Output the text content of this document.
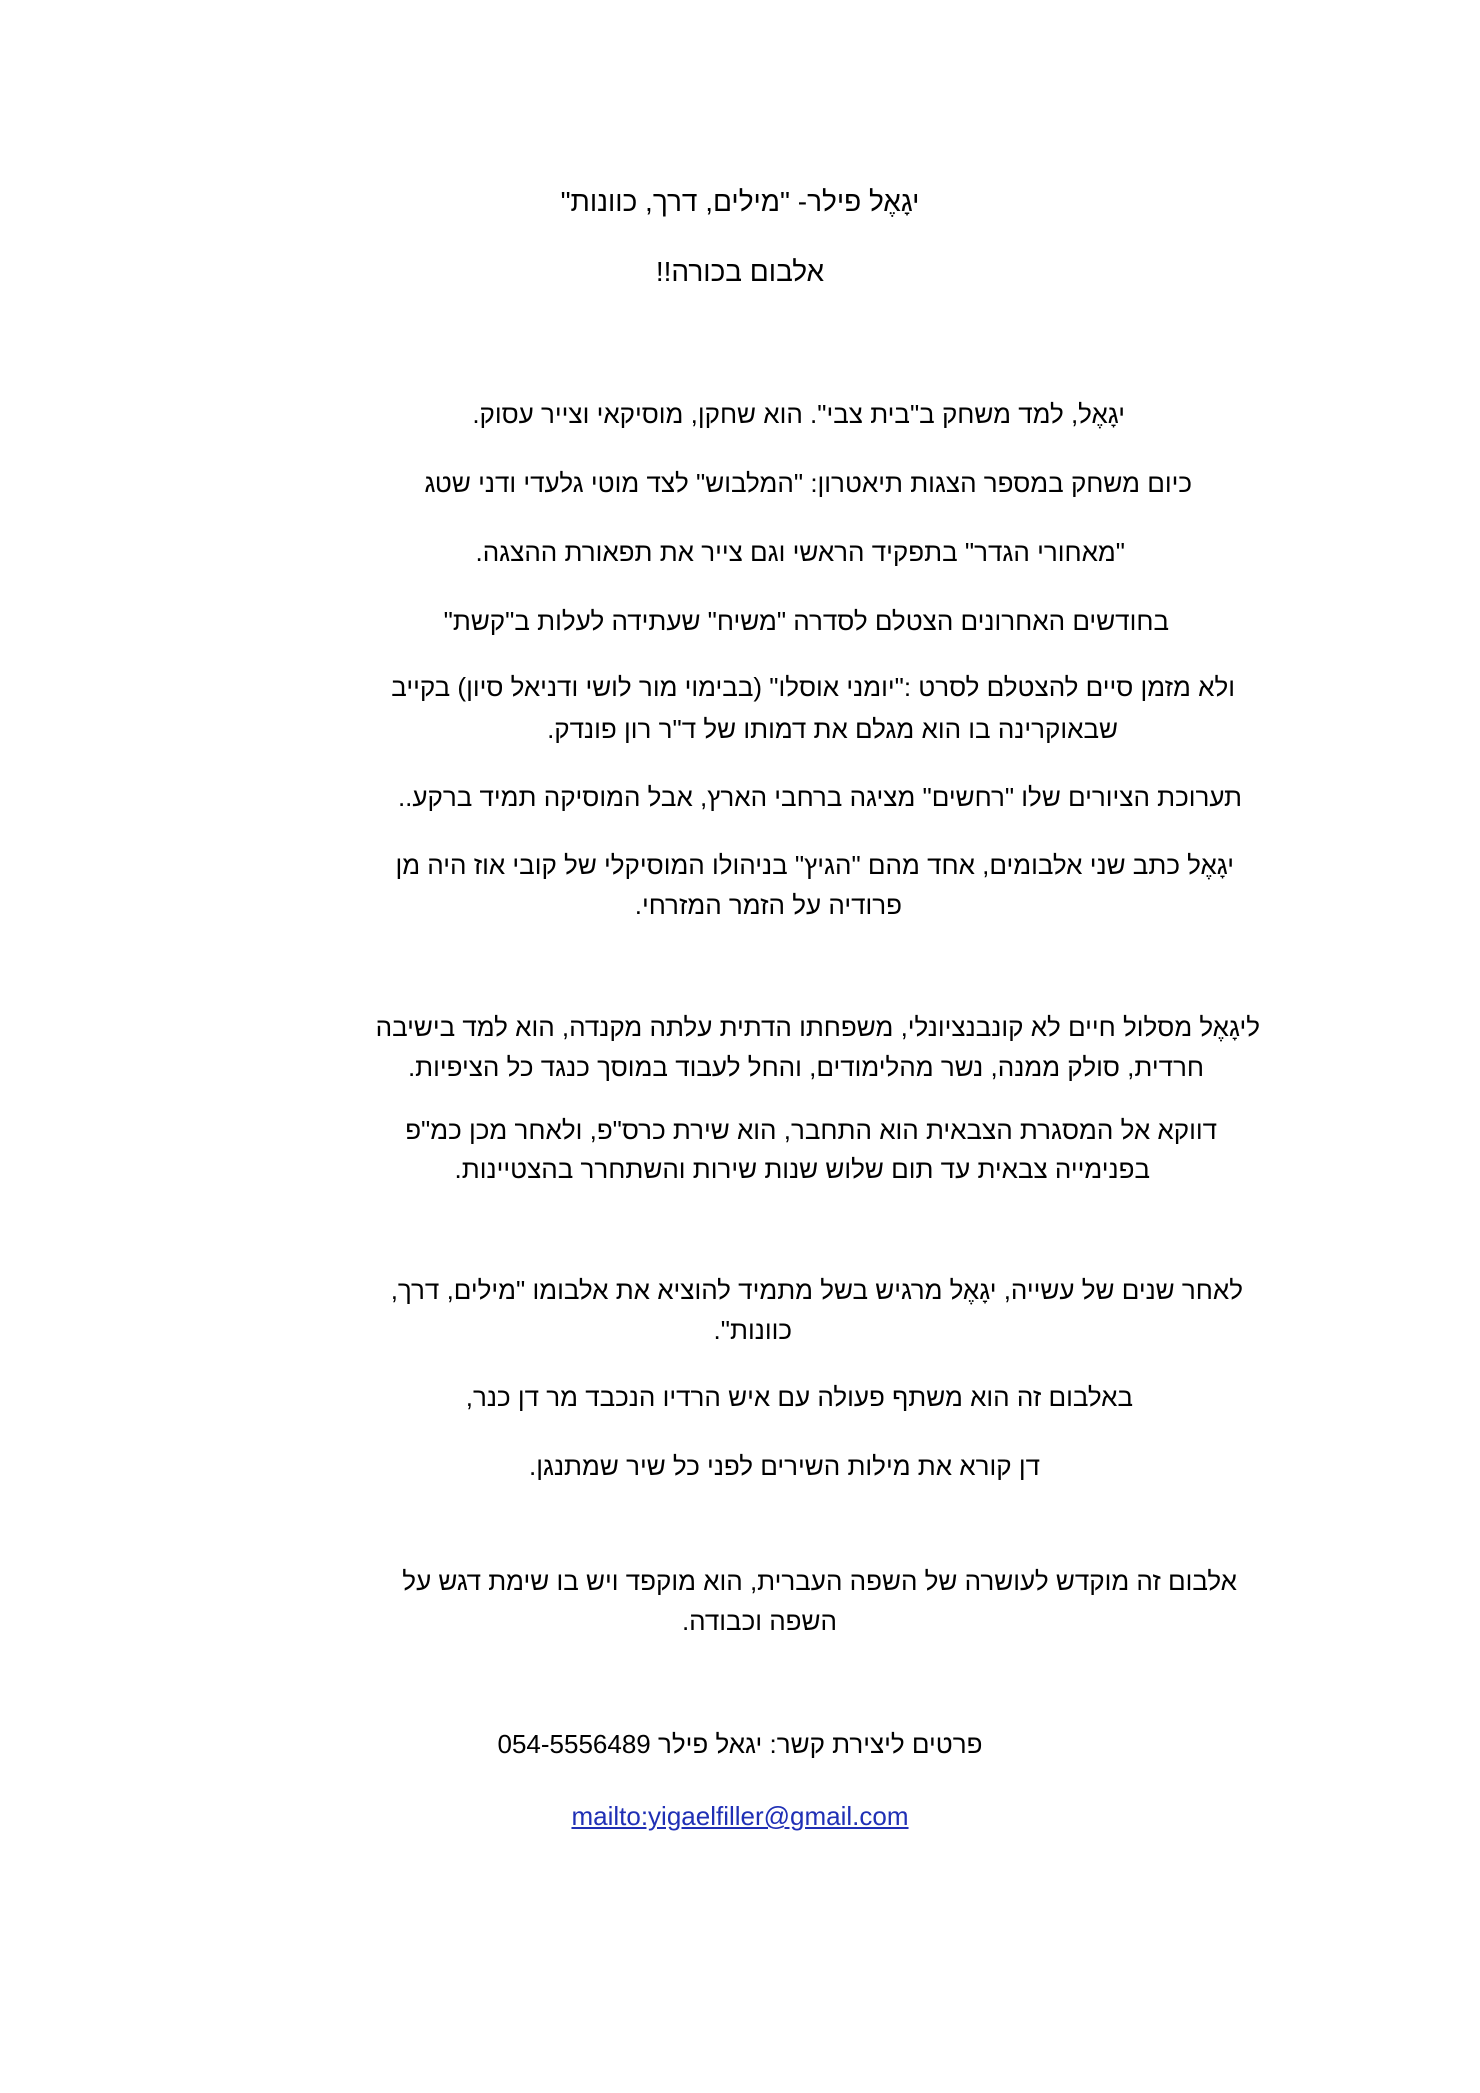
יגָאֶל פילר- "מילים, דרך, כוונות"
אלבום בכורה!!
יגָאֶל, למד משחק ב"בית צבי". הוא שחקן, מוסיקאי וצייר עסוק.
כיום משחק במספר הצגות תיאטרון: "המלבוש" לצד מוטי גלעדי ודני שטג
"מאחורי הגדר" בתפקיד הראשי וגם צייר את תפאורת ההצגה.
בחודשים האחרונים הצטלם לסדרה "משיח" שעתידה לעלות ב"קשת"
ולא מזמן סיים להצטלם לסרט :"יומני אוסלו" (בבימוי מור לושי ודניאל סיון) בקייב
שבאוקרינה בו הוא מגלם את דמותו של ד"ר רון פונדק.
תערוכת הציורים שלו "רחשים" מציגה ברחבי הארץ, אבל המוסיקה תמיד ברקע..
יגָאֶל כתב שני אלבומים, אחד מהם "הגיץ" בניהולו המוסיקלי של קובי אוז היה מן
פרודיה על הזמר המזרחי.
ליגָאֶל מסלול חיים לא קונבנציונלי, משפחתו הדתית עלתה מקנדה, הוא למד בישיבה
חרדית, סולק ממנה, נשר מהלימודים, והחל לעבוד במוסך כנגד כל הציפיות.
דווקא אל המסגרת הצבאית הוא התחבר, הוא שירת כרס"פ, ולאחר מכן כמ"פ
בפנימייה צבאית עד תום שלוש שנות שירות והשתחרר בהצטיינות.
לאחר שנים של עשייה, יגָאֶל מרגיש בשל מתמיד להוציא את אלבומו "מילים, דרך,
כוונות".
באלבום זה הוא משתף פעולה עם איש הרדיו הנכבד מר דן כנר,
דן קורא את מילות השירים לפני כל שיר שמתנגן.
אלבום זה מוקדש לעושרה של השפה העברית, הוא מוקפד ויש בו שימת דגש על
השפה וכבודה.
פרטים ליצירת קשר: יגאל פילר 054-5556489
mailto:yigaelfiller@gmail.com
